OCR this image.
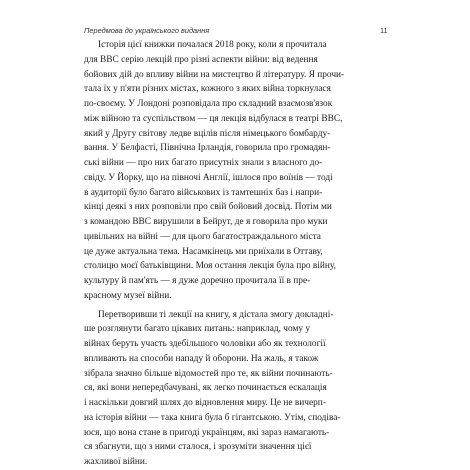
Передмова до українського видання	11
Історія цієї книжки почалася 2018 року, коли я прочитала
для ВВС серію лекцій про різні аспекти війни: від ведення
бойових дій до впливу війни на мистецтво й літературу. Я прочи-
тала їх у п'яти різних містах, кожного з яких війна торкнулася
по-своєму. У Лондоні розповідала про складний взаємозв'язок
між війною та суспільством — ця лекція відбулася в театрі ВВС,
який у Другу світову ледве вцілів після німецького бомбарду-
вання. У Белфасті, Північна Ірландія, говорила про громадян-
ські війни — про них багато присутніх знали з власного до-
свіду. У Йорку, що на півночі Англії, ішлося про воїнів — тоді
в аудиторії було багато військових із тамтешніх баз і напри-
кінці деякі з них розповіли про свій бойовий досвід. Потім ми
з командою ВВС вирушили в Бейрут, де я говорила про муки
цивільних на війні — для цього багатостраждального міста
це дуже актуальна тема. Насамкінець ми приїхали в Оттаву,
столицю моєї батьківщини. Моя остання лекція була про війну,
культуру й пам'ять — я дуже доречно прочитала її в пре-
красному музеї війни.
Перетворивши ті лекції на книгу, я дістала змогу докладні-
ше розглянути багато цікавих питань: наприклад, чому у
війнах беруть участь здебільшого чоловіки або як технології
впливають на способи нападу й оборони. На жаль, я також
зібрала значно більше відомостей про те, як війни починають-
ся, які вони непередбачувані, як легко починається ескалація
і наскільки довгий шлях до відновлення миру. Це не вичерп-
на історія війни — така книга була б гігантською. Утім, сподіва-
юся, що вона стане в пригоді українцям, які зараз намагають-
ся збагнути, що з ними сталося, і зрозуміти значення цієї
жахливої війни.
